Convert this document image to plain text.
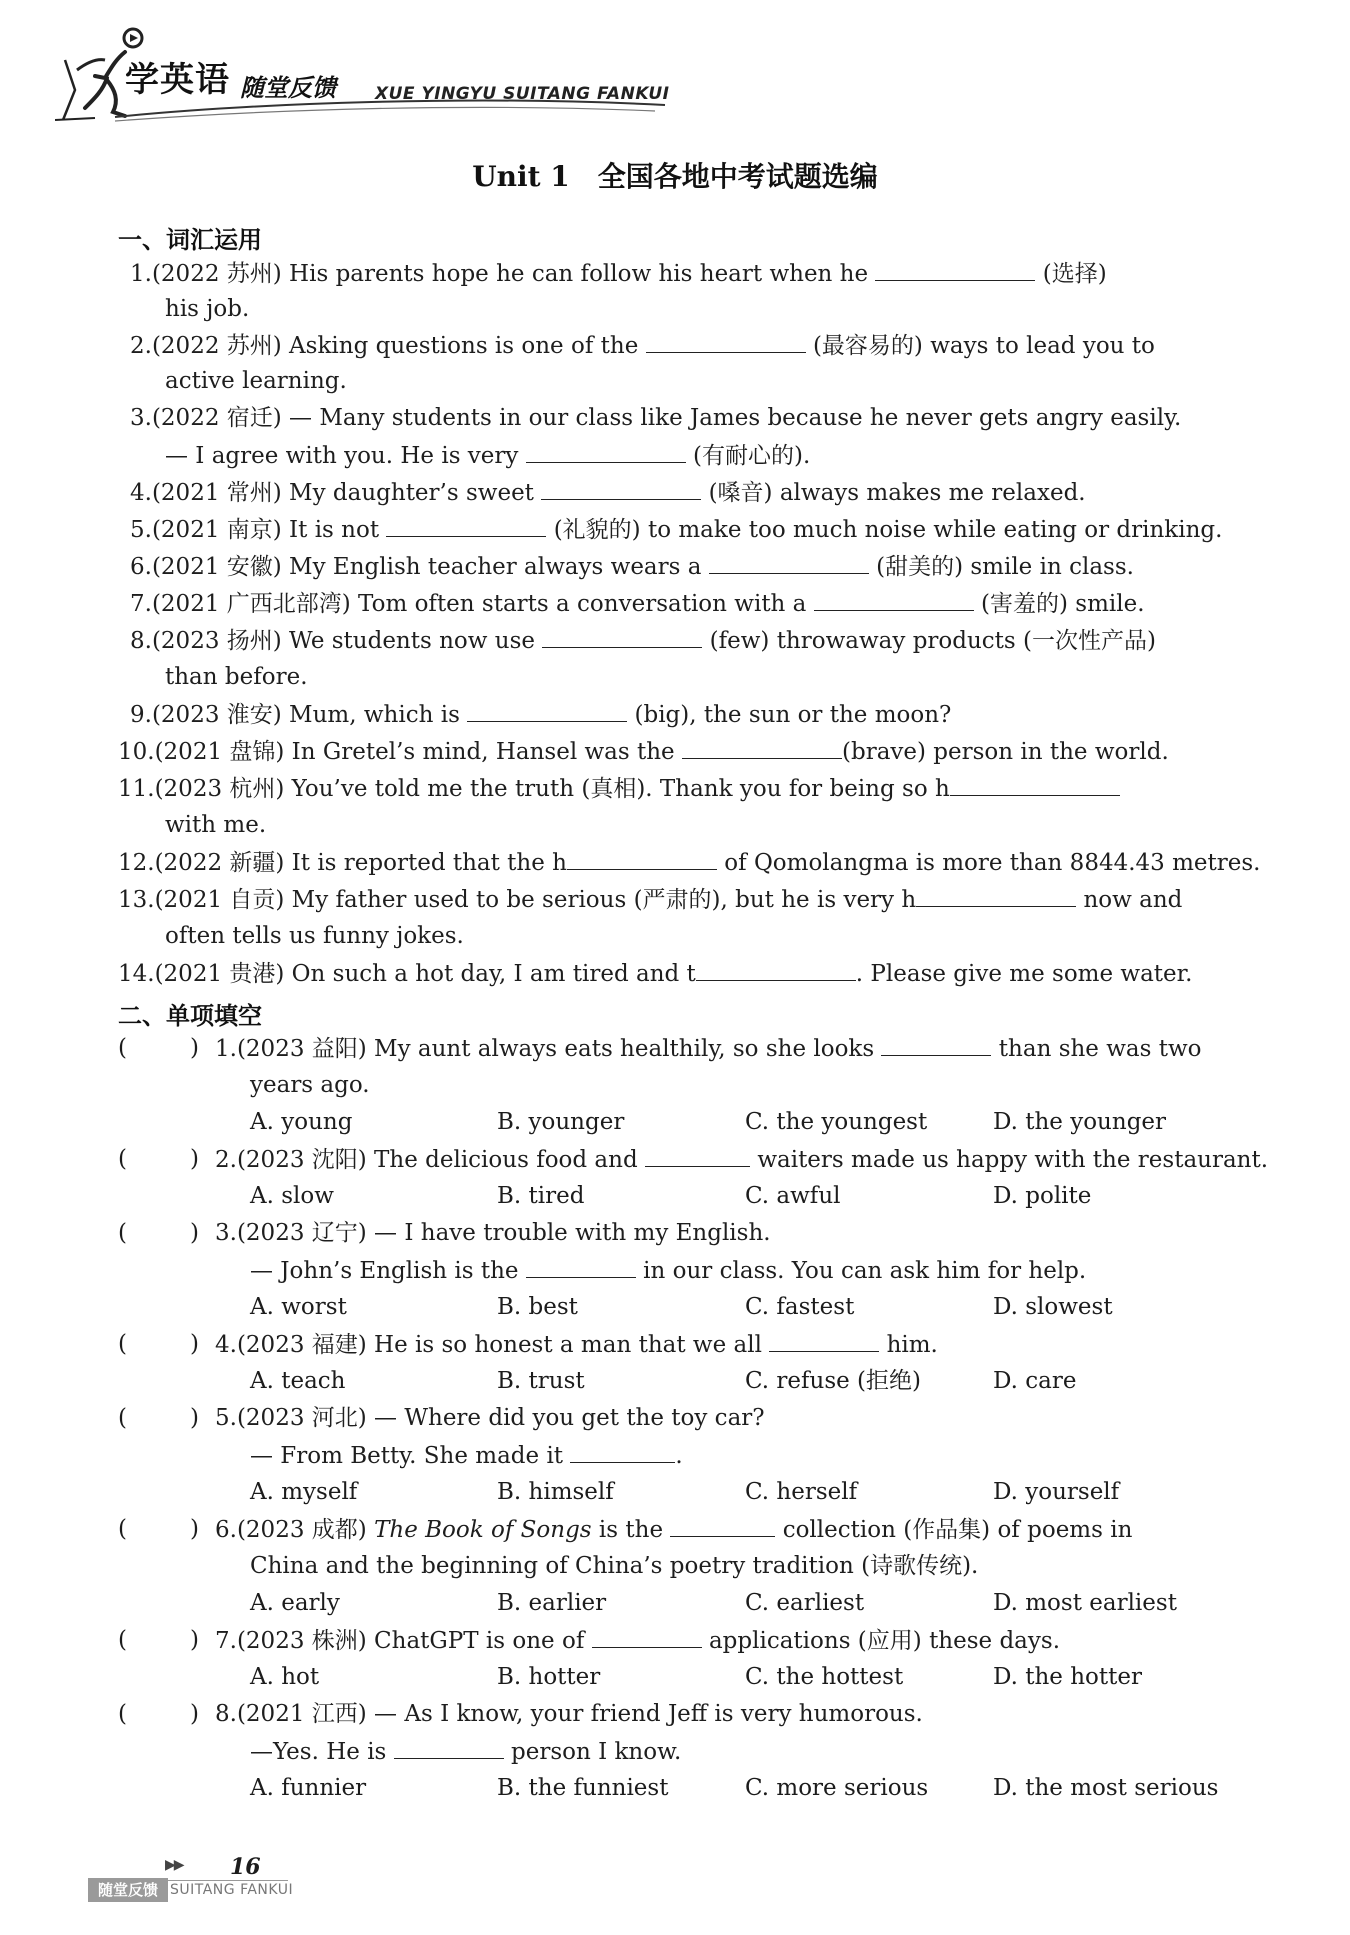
学英语 随堂反馈 XUE YINGYU SUITANG FANKUI
Unit 1　全国各地中考试题选编
一、词汇运用
1.(2022 苏州) His parents hope he can follow his heart when he	(选择)
his job.
2.(2022 苏州) Asking questions is one of the	(最容易的) ways to lead you to
active learning.
3.(2022 宿迁) — Many students in our class like James because he never gets angry easily.
— I agree with you. He is very	(有耐心的).
4.(2021 常州) My daughter’s sweet	(嗓音) always makes me relaxed.
5.(2021 南京) It is not	(礼貌的) to make too much noise while eating or drinking.
6.(2021 安徽) My English teacher always wears a	(甜美的) smile in class.
7.(2021 广西北部湾) Tom often starts a conversation with a	(害羞的) smile.
8.(2023 扬州) We students now use	(few) throwaway products (一次性产品)
than before.
9.(2023 淮安) Mum, which is	(big), the sun or the moon?
10.(2021 盘锦) In Gretel’s mind, Hansel was the	(brave) person in the world.
11.(2023 杭州) You’ve told me the truth (真相). Thank you for being so h
with me.
12.(2022 新疆) It is reported that the h	of Qomolangma is more than 8844.43 metres.
13.(2021 自贡) My father used to be serious (严肃的), but he is very h	now and
often tells us funny jokes.
14.(2021 贵港) On such a hot day, I am tired and t	. Please give me some water.
二、单项填空
(	) 1.(2023 益阳) My aunt always eats healthily, so she looks	than she was two
years ago.
A. young	B. younger	C. the youngest	D. the younger
(	) 2.(2023 沈阳) The delicious food and	waiters made us happy with the restaurant.
A. slow	B. tired	C. awful	D. polite
(	) 3.(2023 辽宁) — I have trouble with my English.
— John’s English is the	in our class. You can ask him for help.
A. worst	B. best	C. fastest	D. slowest
(	) 4.(2023 福建) He is so honest a man that we all	him.
A. teach	B. trust	C. refuse (拒绝)	D. care
(	) 5.(2023 河北) — Where did you get the toy car?
— From Betty. She made it	.
A. myself	B. himself	C. herself	D. yourself
(	) 6.(2023 成都) The Book of Songs is the	collection (作品集) of poems in
China and the beginning of China’s poetry tradition (诗歌传统).
A. early	B. earlier	C. earliest	D. most earliest
(	) 7.(2023 株洲) ChatGPT is one of	applications (应用) these days.
A. hot	B. hotter	C. the hottest	D. the hotter
(	) 8.(2021 江西) — As I know, your friend Jeff is very humorous.
—Yes. He is	person I know.
A. funnier	B. the funniest	C. more serious	D. the most serious
▶▶ 16
随堂反馈 SUITANG FANKUI
